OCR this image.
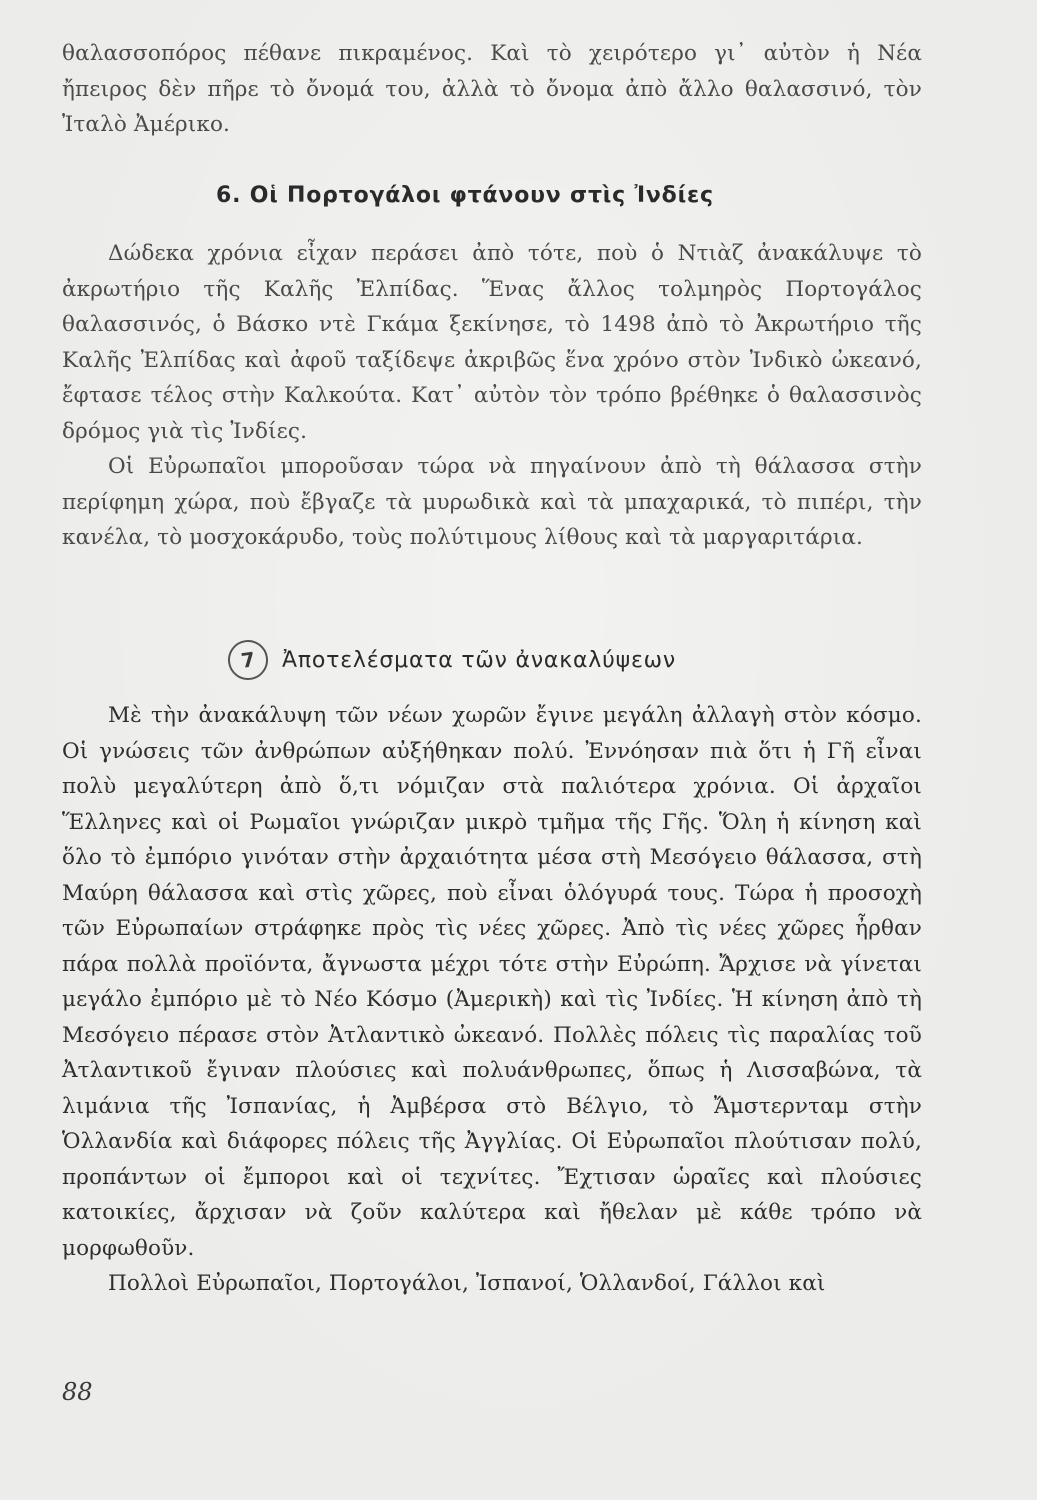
θαλασσοπόρος πέθανε πικραμένος. Καὶ τὸ χειρότερο γι᾿ αὐτὸν ἡ Νέα ἤπειρος δὲν πῆρε τὸ ὄνομά του, ἀλλὰ τὸ ὄνομα ἀπὸ ἄλλο θαλασσινό, τὸν Ἰταλὸ Ἀμέρικο.

6. Οἱ Πορτογάλοι φτάνουν στὶς Ἰνδίες

Δώδεκα χρόνια εἶχαν περάσει ἀπὸ τότε, ποὺ ὁ Ντιὰζ ἀνακάλυψε τὸ ἀκρωτήριο τῆς Καλῆς Ἐλπίδας. Ἕνας ἄλλος τολμηρὸς Πορτογάλος θαλασσινός, ὁ Βάσκο ντὲ Γκάμα ξεκίνησε, τὸ 1498 ἀπὸ τὸ Ἀκρωτήριο τῆς Καλῆς Ἐλπίδας καὶ ἀφοῦ ταξίδεψε ἀκριβῶς ἕνα χρόνο στὸν Ἰνδικὸ ὠκεανό, ἔφτασε τέλος στὴν Καλκούτα. Κατ᾿ αὐτὸν τὸν τρόπο βρέθηκε ὁ θαλασσινὸς δρόμος γιὰ τὶς Ἰνδίες.

Οἱ Εὐρωπαῖοι μποροῦσαν τώρα νὰ πηγαίνουν ἀπὸ τὴ θάλασσα στὴν περίφημη χώρα, ποὺ ἔβγαζε τὰ μυρωδικὰ καὶ τὰ μπαχαρικά, τὸ πιπέρι, τὴν κανέλα, τὸ μοσχοκάρυδο, τοὺς πολύτιμους λίθους καὶ τὰ μαργαριτάρια.

7	Ἀποτελέσματα τῶν ἀνακαλύψεων

Μὲ τὴν ἀνακάλυψη τῶν νέων χωρῶν ἔγινε μεγάλη ἀλλαγὴ στὸν κόσμο. Οἱ γνώσεις τῶν ἀνθρώπων αὐξήθηκαν πολύ. Ἐννόησαν πιὰ ὅτι ἡ Γῆ εἶναι πολὺ μεγαλύτερη ἀπὸ ὅ,τι νόμιζαν στὰ παλιότερα χρόνια. Οἱ ἀρχαῖοι Ἕλληνες καὶ οἱ Ρωμαῖοι γνώριζαν μικρὸ τμῆμα τῆς Γῆς. Ὅλη ἡ κίνηση καὶ ὅλο τὸ ἐμπόριο γινόταν στὴν ἀρχαιότητα μέσα στὴ Μεσόγειο θάλασσα, στὴ Μαύρη θάλασσα καὶ στὶς χῶρες, ποὺ εἶναι ὁλόγυρά τους. Τώρα ἡ προσοχὴ τῶν Εὐρωπαίων στράφηκε πρὸς τὶς νέες χῶρες. Ἀπὸ τὶς νέες χῶρες ἦρθαν πάρα πολλὰ προϊόντα, ἄγνωστα μέχρι τότε στὴν Εὐρώπη. Ἄρχισε νὰ γίνεται μεγάλο ἐμπόριο μὲ τὸ Νέο Κόσμο (Ἀμερικὴ) καὶ τὶς Ἰνδίες. Ἡ κίνηση ἀπὸ τὴ Μεσόγειο πέρασε στὸν Ἀτλαντικὸ ὠκεανό. Πολλὲς πόλεις τὶς παραλίας τοῦ Ἀτλαντικοῦ ἔγιναν πλούσιες καὶ πολυάνθρωπες, ὅπως ἡ Λισσαβώνα, τὰ λιμάνια τῆς Ἰσπανίας, ἡ Ἀμβέρσα στὸ Βέλγιο, τὸ Ἄμστερνταμ στὴν Ὁλλανδία καὶ διάφορες πόλεις τῆς Ἀγγλίας. Οἱ Εὐρωπαῖοι πλούτισαν πολύ, προπάντων οἱ ἔμποροι καὶ οἱ τεχνίτες. Ἔχτισαν ὡραῖες καὶ πλούσιες κατοικίες, ἄρχισαν νὰ ζοῦν καλύτερα καὶ ἤθελαν μὲ κάθε τρόπο νὰ μορφωθοῦν.

Πολλοὶ Εὐρωπαῖοι, Πορτογάλοι, Ἰσπανοί, Ὁλλανδοί, Γάλλοι καὶ

88
